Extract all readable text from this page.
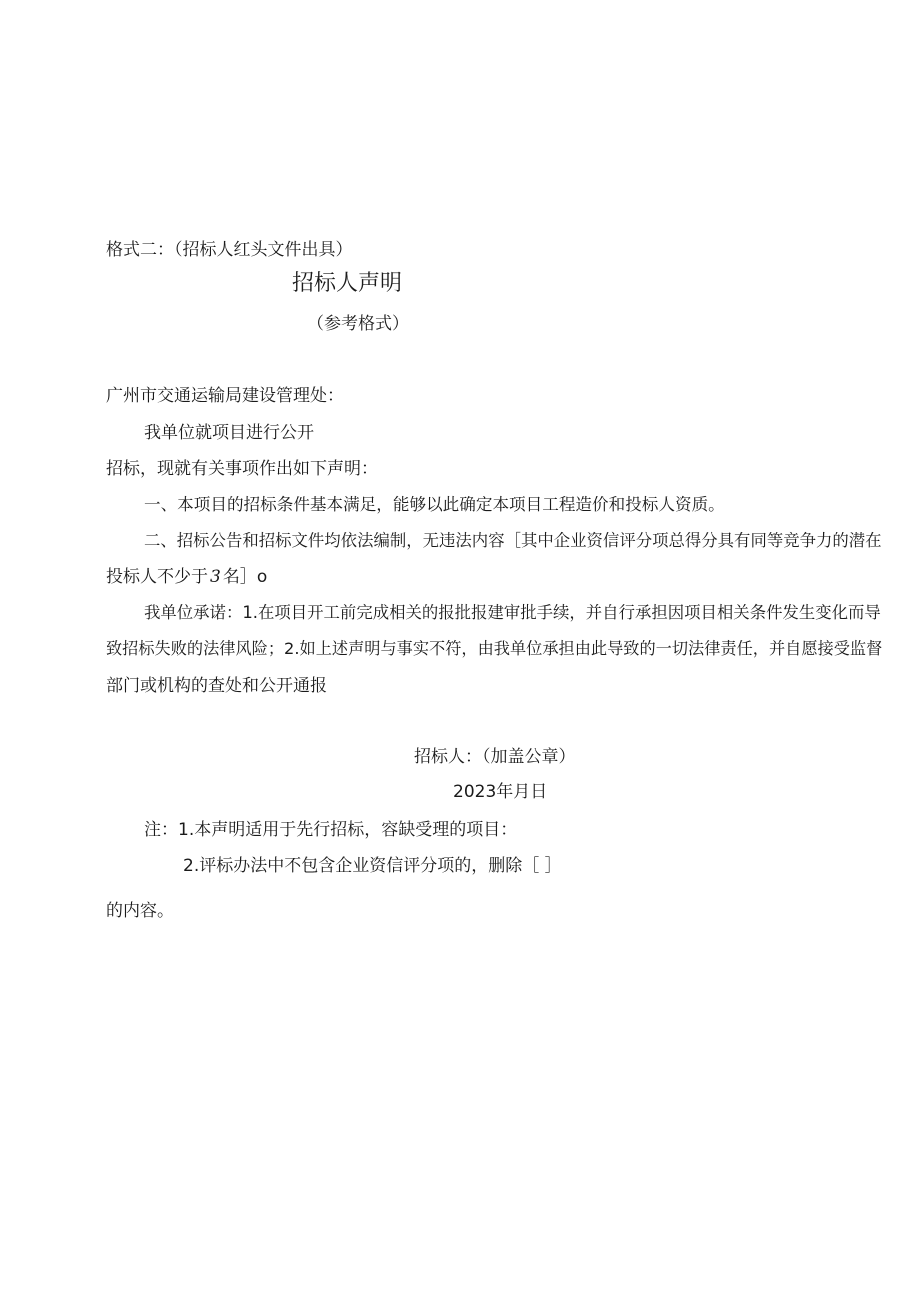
格式二：（招标人红头文件出具）
招标人声明
（参考格式）
广州市交通运输局建设管理处：
我单位就项目进行公开
招标，现就有关事项作出如下声明：
一、本项目的招标条件基本满足，能够以此确定本项目工程造价和投标人资质。
二、招标公告和招标文件均依法编制，无违法内容［其中企业资信评分项总得分具有同等竞争力的潜在
投标人不少于 3 名］o
我单位承诺：1.在项目开工前完成相关的报批报建审批手续，并自行承担因项目相关条件发生变化而导
致招标失败的法律风险；2.如上述声明与事实不符，由我单位承担由此导致的一切法律责任，并自愿接受监督
部门或机构的查处和公开通报
招标人：（加盖公章）
2023年月日
注：1.本声明适用于先行招标，容缺受理的项目：
2.评标办法中不包含企业资信评分项的，删除［ ］
的内容。
